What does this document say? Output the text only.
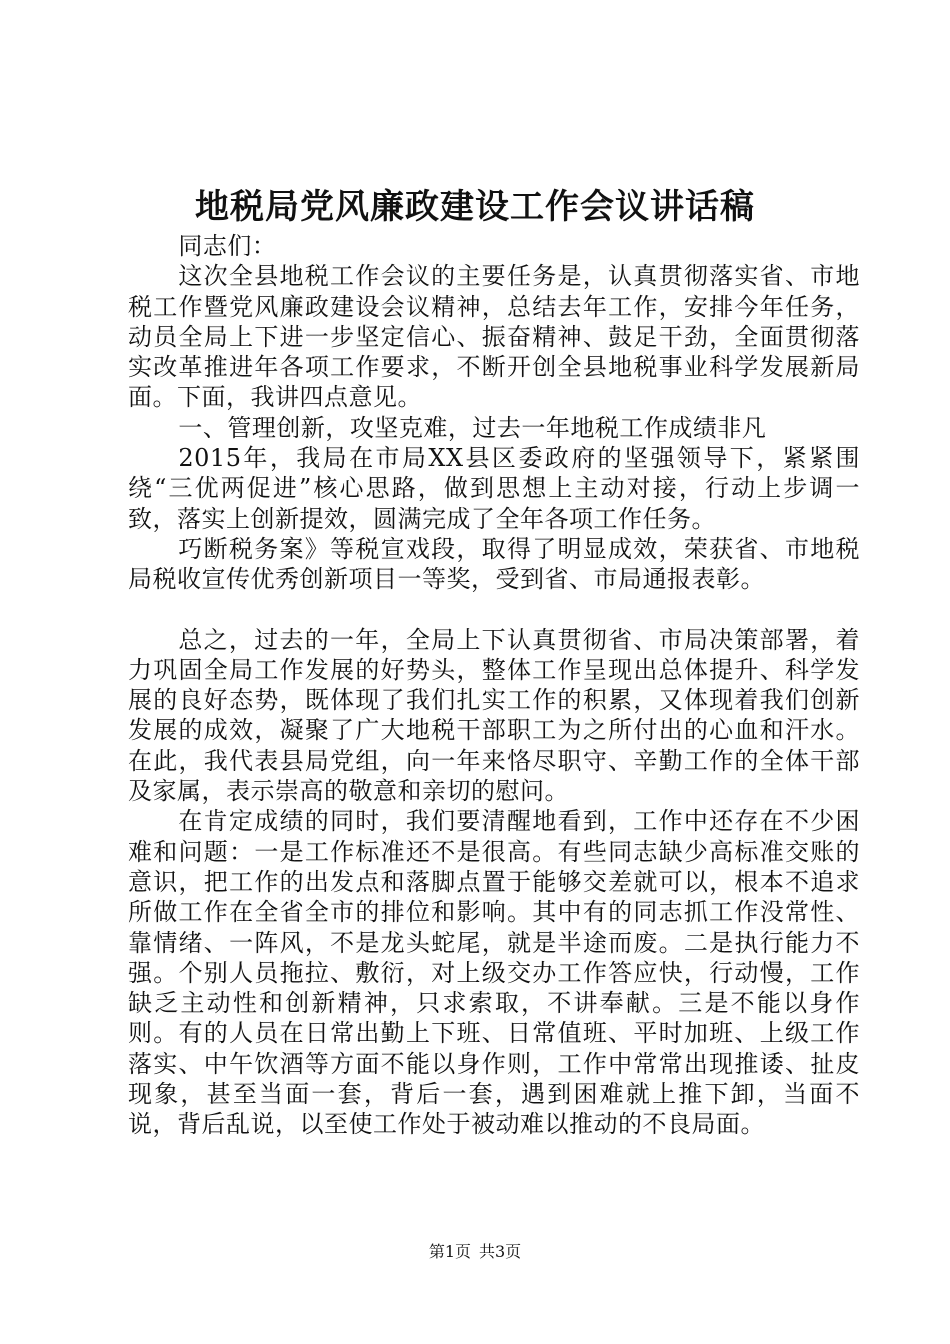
地税局党风廉政建设工作会议讲话稿

同志们：

这次全县地税工作会议的主要任务是，认真贯彻落实省、市地税工作暨党风廉政建设会议精神，总结去年工作，安排今年任务，动员全局上下进一步坚定信心、振奋精神、鼓足干劲，全面贯彻落实改革推进年各项工作要求，不断开创全县地税事业科学发展新局面。下面，我讲四点意见。

一、管理创新，攻坚克难，过去一年地税工作成绩非凡

2015年，我局在市局XX县区委政府的坚强领导下，紧紧围绕“三优两促进”核心思路，做到思想上主动对接，行动上步调一致，落实上创新提效，圆满完成了全年各项工作任务。

巧断税务案》等税宣戏段，取得了明显成效，荣获省、市地税局税收宣传优秀创新项目一等奖，受到省、市局通报表彰。

总之，过去的一年，全局上下认真贯彻省、市局决策部署，着力巩固全局工作发展的好势头，整体工作呈现出总体提升、科学发展的良好态势，既体现了我们扎实工作的积累，又体现着我们创新发展的成效，凝聚了广大地税干部职工为之所付出的心血和汗水。在此，我代表县局党组，向一年来恪尽职守、辛勤工作的全体干部及家属，表示崇高的敬意和亲切的慰问。

在肯定成绩的同时，我们要清醒地看到，工作中还存在不少困难和问题：一是工作标准还不是很高。有些同志缺少高标准交账的意识，把工作的出发点和落脚点置于能够交差就可以，根本不追求所做工作在全省全市的排位和影响。其中有的同志抓工作没常性、靠情绪、一阵风，不是龙头蛇尾，就是半途而废。二是执行能力不强。个别人员拖拉、敷衍，对上级交办工作答应快，行动慢，工作缺乏主动性和创新精神，只求索取，不讲奉献。三是不能以身作则。有的人员在日常出勤上下班、日常值班、平时加班、上级工作落实、中午饮酒等方面不能以身作则，工作中常常出现推诿、扯皮现象，甚至当面一套，背后一套，遇到困难就上推下卸，当面不说，背后乱说，以至使工作处于被动难以推动的不良局面。

第1页 共3页
